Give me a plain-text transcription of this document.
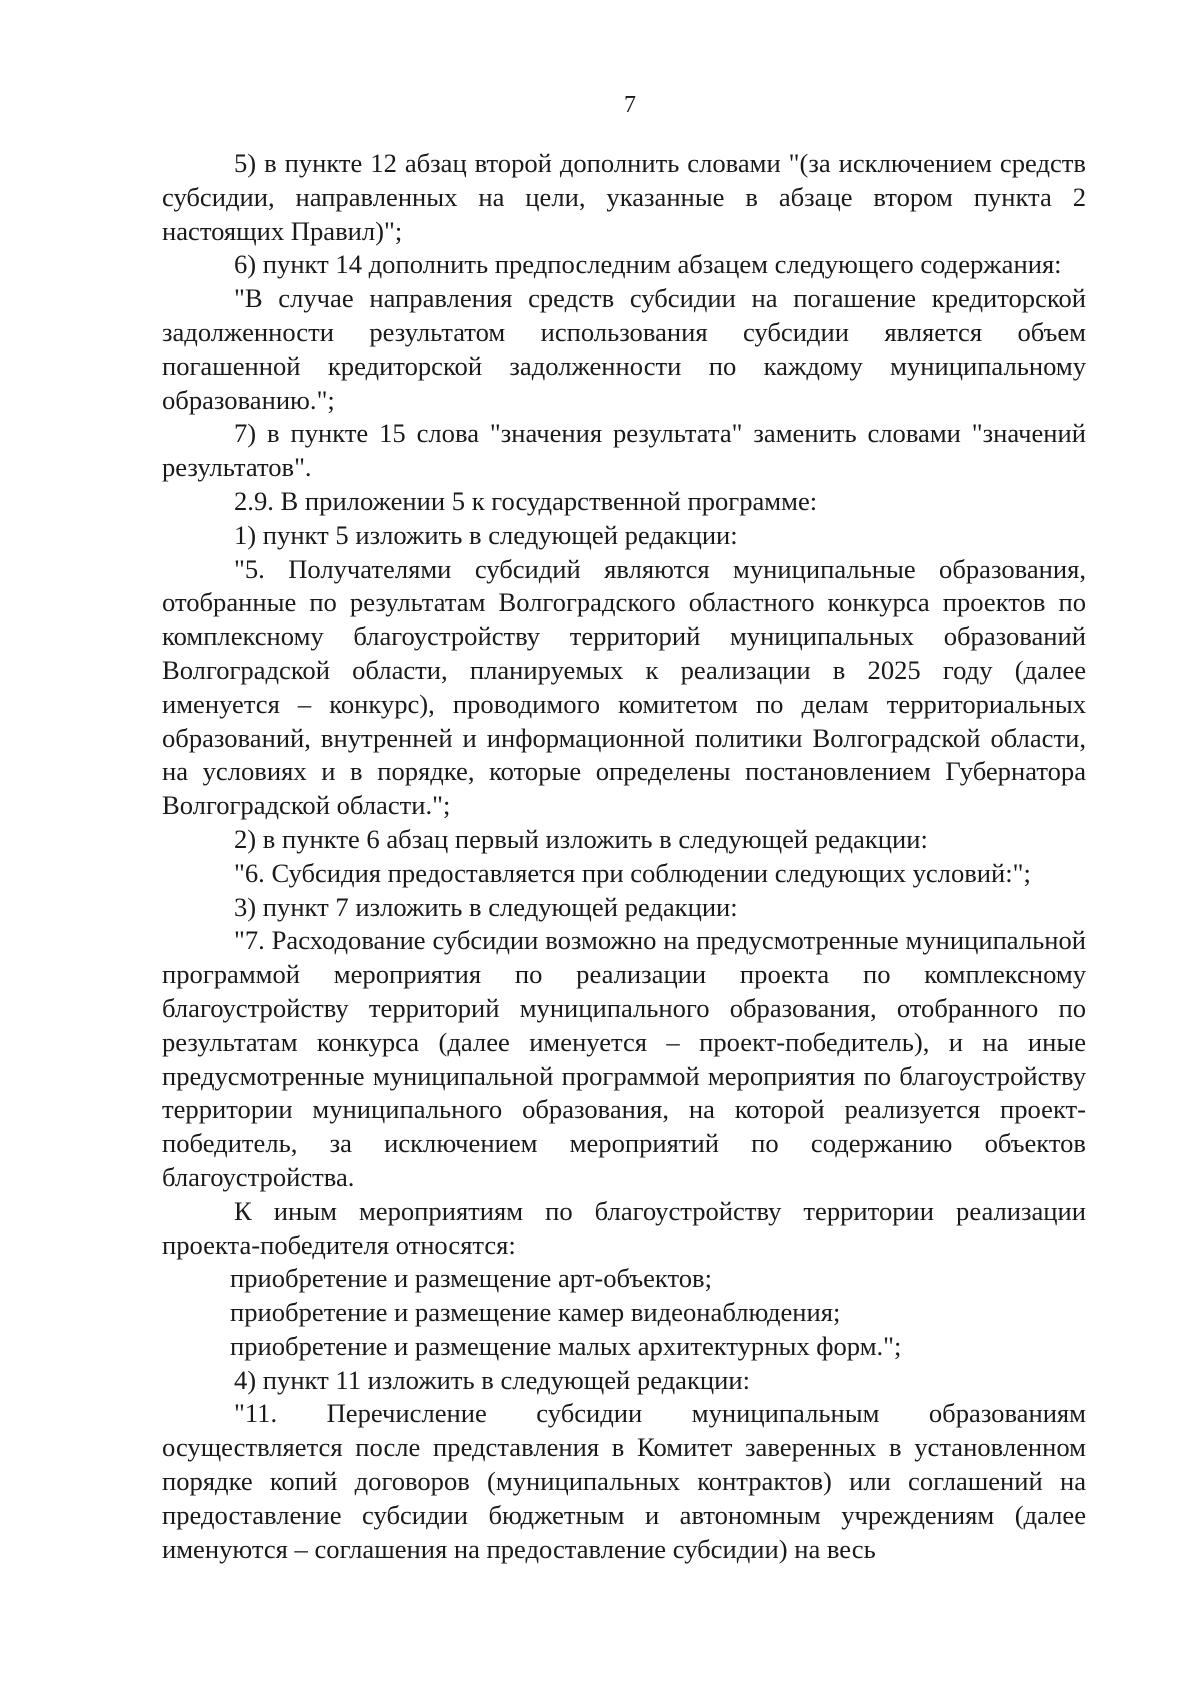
7

5) в пункте 12 абзац второй дополнить словами "(за исключением средств субсидии, направленных на цели, указанные в абзаце втором пункта 2 настоящих Правил)";

6) пункт 14 дополнить предпоследним абзацем следующего содержания:

"В случае направления средств субсидии на погашение кредиторской задолженности результатом использования субсидии является объем погашенной кредиторской задолженности по каждому муниципальному образованию.";

7) в пункте 15 слова "значения результата" заменить словами "значений результатов".

2.9. В приложении 5 к государственной программе:

1) пункт 5 изложить в следующей редакции:

"5. Получателями субсидий являются муниципальные образования, отобранные по результатам Волгоградского областного конкурса проектов по комплексному благоустройству территорий муниципальных образований Волгоградской области, планируемых к реализации в 2025 году (далее именуется – конкурс), проводимого комитетом по делам территориальных образований, внутренней и информационной политики Волгоградской области, на условиях и в порядке, которые определены постановлением Губернатора Волгоградской области.";

2) в пункте 6 абзац первый изложить в следующей редакции:

"6. Субсидия предоставляется при соблюдении следующих условий:";

3) пункт 7 изложить в следующей редакции:

"7. Расходование субсидии возможно на предусмотренные муниципальной программой мероприятия по реализации проекта по комплексному благоустройству территорий муниципального образования, отобранного по результатам конкурса (далее именуется – проект-победитель), и на иные предусмотренные муниципальной программой мероприятия по благоустройству территории муниципального образования, на которой реализуется проект-победитель, за исключением мероприятий по содержанию объектов благоустройства.

К иным мероприятиям по благоустройству территории реализации проекта-победителя относятся:

приобретение и размещение арт-объектов;

приобретение и размещение камер видеонаблюдения;

приобретение и размещение малых архитектурных форм.";

4) пункт 11 изложить в следующей редакции:

"11. Перечисление субсидии муниципальным образованиям осуществляется после представления в Комитет заверенных в установленном порядке копий договоров (муниципальных контрактов) или соглашений на предоставление субсидии бюджетным и автономным учреждениям (далее именуются – соглашения на предоставление субсидии) на весь
